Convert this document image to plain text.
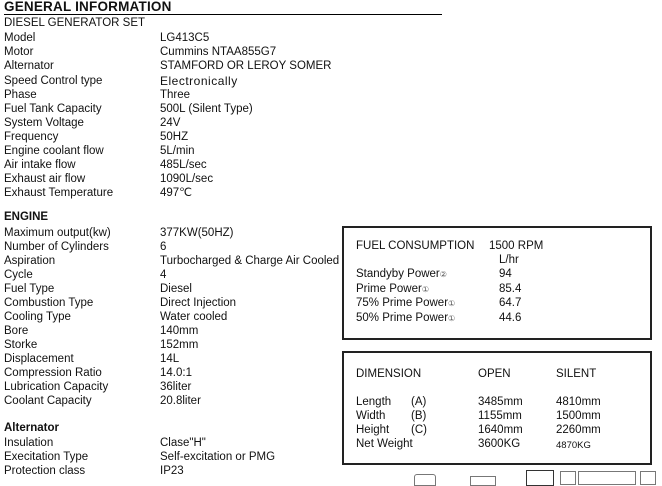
GENERAL INFORMATION
DIESEL GENERATOR SET
Model	LG413C5
Motor	Cummins NTAA855G7
Alternator	STAMFORD OR LEROY SOMER
Speed Control type	Electronically
Phase	Three
Fuel Tank Capacity	500L (Silent Type)
System Voltage	24V
Frequency	50HZ
Engine coolant flow	5L/min
Air intake flow	485L/sec
Exhaust air flow	1090L/sec
Exhaust Temperature	497℃
ENGINE
Maximum output(kw)	377KW(50HZ)
Number of Cylinders	6
Aspiration	Turbocharged & Charge Air Cooled
Cycle	4
Fuel Type	Diesel
Combustion Type	Direct Injection
Cooling Type	Water cooled
Bore	140mm
Storke	152mm
Displacement	14L
Compression Ratio	14.0:1
Lubrication Capacity	36liter
Coolant Capacity	20.8liter
Alternator
Insulation	Clase"H"
Execitation Type	Self-excitation or PMG
Protection class	IP23
FUEL CONSUMPTION 1500 RPM
L/hr
Standyby Power②	94
Prime Power①	85.4
75% Prime Power①	64.7
50% Prime Power①	44.6
DIMENSION	OPEN	SILENT
Length (A)	3485mm	4810mm
Width (B)	1155mm	1500mm
Height (C)	1640mm	2260mm
Net Weight	3600KG	4870KG
